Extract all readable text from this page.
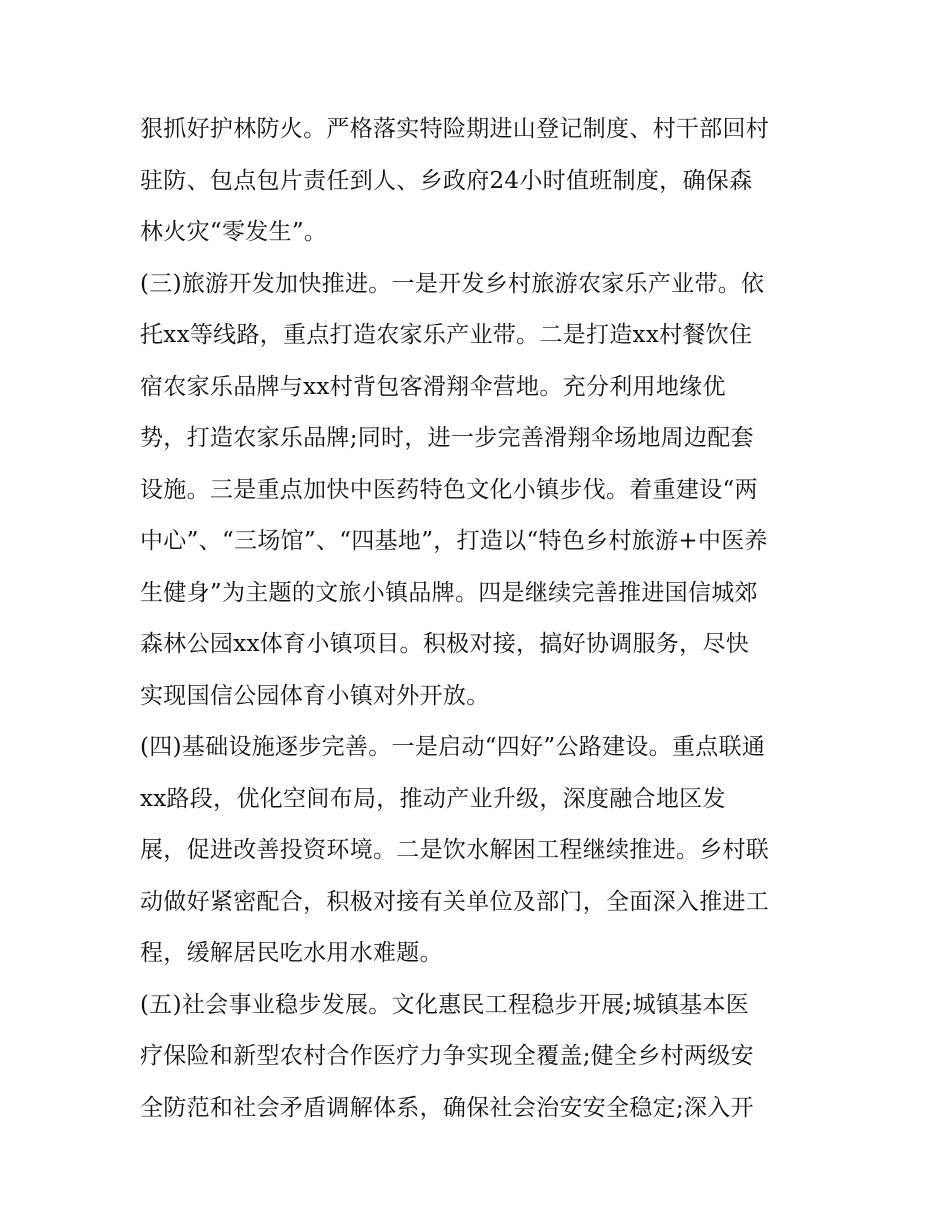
狠抓好护林防火。严格落实特险期进山登记制度、村干部回村
驻防、包点包片责任到人、乡政府24小时值班制度，确保森
林火灾“零发生”。
(三)旅游开发加快推进。一是开发乡村旅游农家乐产业带。依
托xx等线路，重点打造农家乐产业带。二是打造xx村餐饮住
宿农家乐品牌与xx村背包客滑翔伞营地。充分利用地缘优
势，打造农家乐品牌;同时，进一步完善滑翔伞场地周边配套
设施。三是重点加快中医药特色文化小镇步伐。着重建设“两
中心”、“三场馆”、“四基地”，打造以“特色乡村旅游+中医养
生健身”为主题的文旅小镇品牌。四是继续完善推进国信城郊
森林公园xx体育小镇项目。积极对接，搞好协调服务，尽快
实现国信公园体育小镇对外开放。
(四)基础设施逐步完善。一是启动“四好”公路建设。重点联通
xx路段，优化空间布局，推动产业升级，深度融合地区发
展，促进改善投资环境。二是饮水解困工程继续推进。乡村联
动做好紧密配合，积极对接有关单位及部门，全面深入推进工
程，缓解居民吃水用水难题。
(五)社会事业稳步发展。文化惠民工程稳步开展;城镇基本医
疗保险和新型农村合作医疗力争实现全覆盖;健全乡村两级安
全防范和社会矛盾调解体系，确保社会治安安全稳定;深入开
